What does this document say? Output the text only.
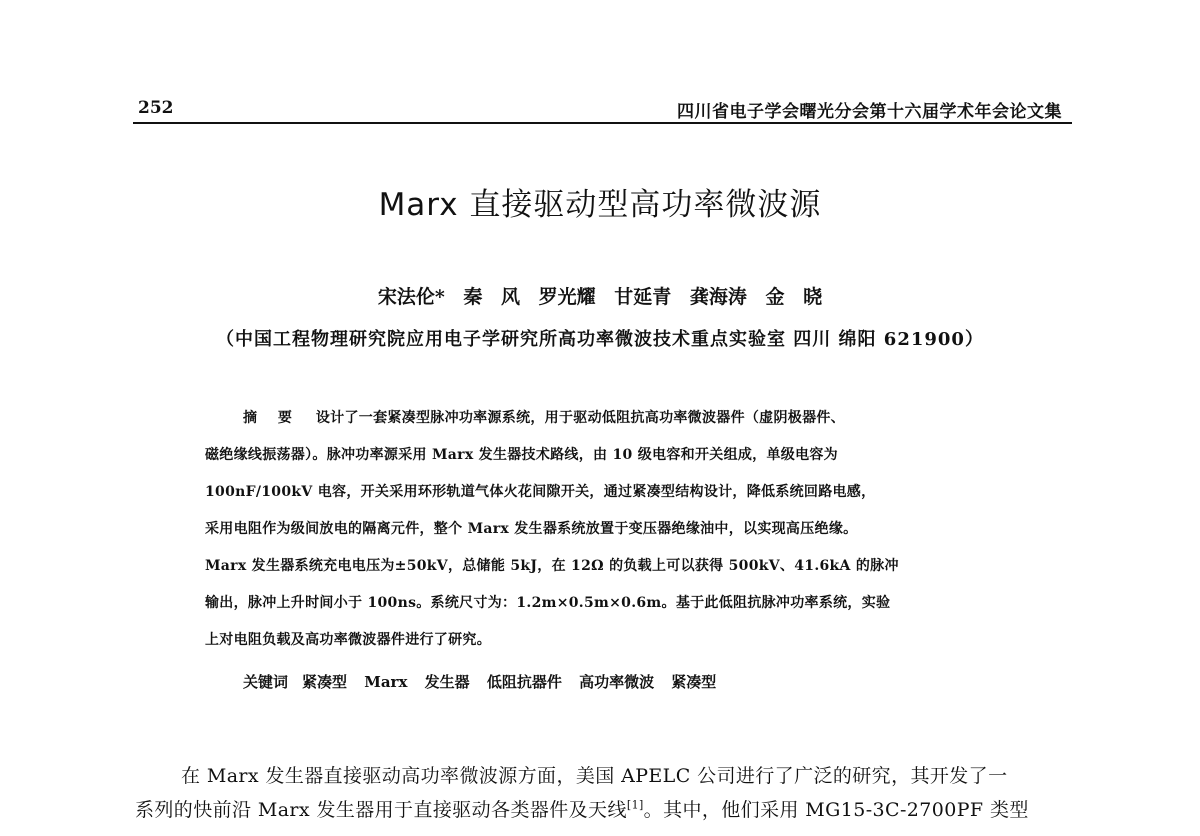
252	四川省电子学会曙光分会第十六届学术年会论文集
Marx 直接驱动型高功率微波源
宋法伦* 秦 风 罗光耀 甘延青 龚海涛 金 晓
（中国工程物理研究院应用电子学研究所高功率微波技术重点实验室 四川 绵阳 621900）
摘 要 设计了一套紧凑型脉冲功率源系统，用于驱动低阻抗高功率微波器件（虚阴极器件、
磁绝缘线振荡器）。脉冲功率源采用 Marx 发生器技术路线，由 10 级电容和开关组成，单级电容为
100nF/100kV 电容，开关采用环形轨道气体火花间隙开关，通过紧凑型结构设计，降低系统回路电感，
采用电阻作为级间放电的隔离元件，整个 Marx 发生器系统放置于变压器绝缘油中，以实现高压绝缘。
Marx 发生器系统充电电压为±50kV，总储能 5kJ，在 12Ω 的负载上可以获得 500kV、41.6kA 的脉冲
输出，脉冲上升时间小于 100ns。系统尺寸为：1.2m×0.5m×0.6m。基于此低阻抗脉冲功率系统，实验
上对电阻负载及高功率微波器件进行了研究。
关键词 紧凑型 Marx 发生器 低阻抗器件 高功率微波 紧凑型
在 Marx 发生器直接驱动高功率微波源方面，美国 APELC 公司进行了广泛的研究，其开发了一
系列的快前沿 Marx 发生器用于直接驱动各类器件及天线[1]。其中，他们采用 MG15-3C-2700PF 类型
